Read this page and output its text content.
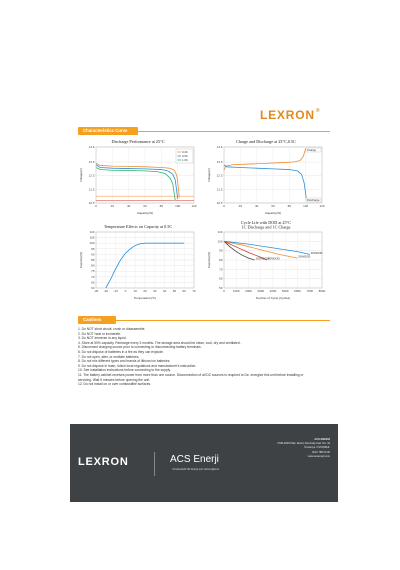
LEXRON®
Characteristics Curve
Discharge Performance at 25°C
10.5
11.5
12.5
13.5
14.6
0	20	40	60	80	100	120
0.2C
0.5C
1.0C
Capacity(%)
Voltage(V)
Charge and Discharge at 25°C,0.5C
10.5
11.5
12.5
13.5
14.6
0	20	40	60	80	100	120
Charge
Discharge
Capacity(%)
Voltage(V)
Temperature Effects on Capacity at 0.5C
60
65
70
75
80
85
90
95
100
105
110
-30 -20 -10 0 10 20 30 40 50 60 70
Temperature(°C)
Capacity(%)
Cycle Life with DOD at 25°C
1C Discharge and 1C Charge
50
60
70
80
90
100
110
0	1000 2000 3000 4000 5000 6000 7000 8000
100%DOD
80%DOD	50%DOD
30%DOD
Number of Cycle (Cycles)
Capacity(%)
Cautions
1. Do NOT short circuit, crush or disassemble.
2. Do NOT heat or incinerate.
3. Do NOT immerse in any liquid.
4. Store at 50% capacity. Recharge every 3 months. The storage area should be clean, cool, dry and ventilated.
5. Disconnect charging source prior to connecting or disconnecting battery terminals.
6. Do not dispose of batteries in a fire as they can explode.
7. Do not open, alter, or mutilate batteries.
8. Do not mix different types and brands of lithium ion batteries.
9. Do not dispose in trash, follow local regulations and manufacturer's instruction.
10. See installation instructions before connecting to the supply.
11. The battery cabinet receives power from more than one source. Disconnection of all DC sources is required to De- energize this unit before installing or
servicing. Wait 5 minutes before opening the unit.
12. Do not install on or over combustible surfaces.
LEXRON	ACS Enerji
Yenilenebilir Bir Enerji için Güvenliğimiz
ACS ENERJİ
2708-2009 Plak. Ekrem Demirtaş Cad. No: 44
Ümraniye / İSTANBUL
0212 788 03 00
www.acsenerji.com
